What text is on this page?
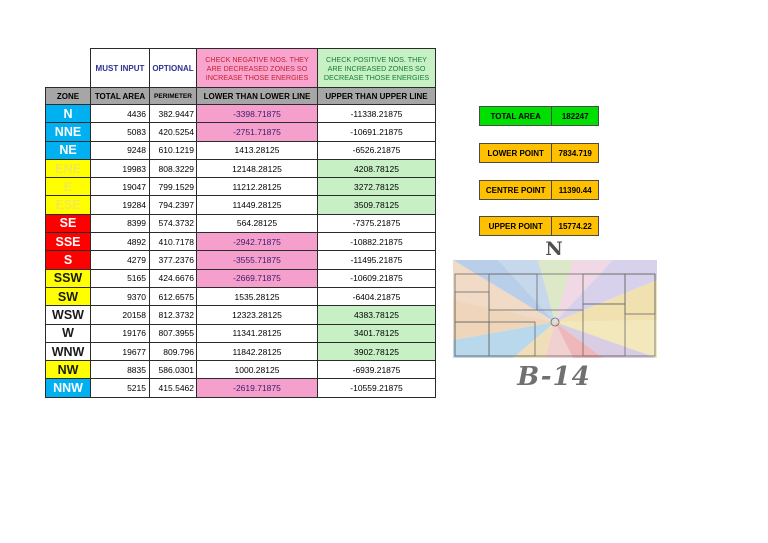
	MUST INPUT	OPTIONAL	CHECK NEGATIVE NOS. THEY ARE DECREASED ZONES SO INCREASE THOSE ENERGIES	CHECK POSITIVE NOS. THEY ARE INCREASED ZONES SO DECREASE THOSE ENERGIES
ZONE	TOTAL AREA	PERIMETER	LOWER THAN LOWER LINE	UPPER THAN UPPER LINE
N	4436	382.9447	-3398.71875	-11338.21875
NNE	5083	420.5254	-2751.71875	-10691.21875
NE	9248	610.1219	1413.28125	-6526.21875
ENE	19983	808.3229	12148.28125	4208.78125
E	19047	799.1529	11212.28125	3272.78125
ESE	19284	794.2397	11449.28125	3509.78125
SE	8399	574.3732	564.28125	-7375.21875
SSE	4892	410.7178	-2942.71875	-10882.21875
S	4279	377.2376	-3555.71875	-11495.21875
SSW	5165	424.6676	-2669.71875	-10609.21875
SW	9370	612.6575	1535.28125	-6404.21875
WSW	20158	812.3732	12323.28125	4383.78125
W	19176	807.3955	11341.28125	3401.78125
WNW	19677	809.796	11842.28125	3902.78125
NW	8835	586.0301	1000.28125	-6939.21875
NNW	5215	415.5462	-2619.71875	-10559.21875
TOTAL AREA	182247
LOWER POINT	7834.719
CENTRE POINT	11390.44
UPPER POINT	15774.22
N
B-14
